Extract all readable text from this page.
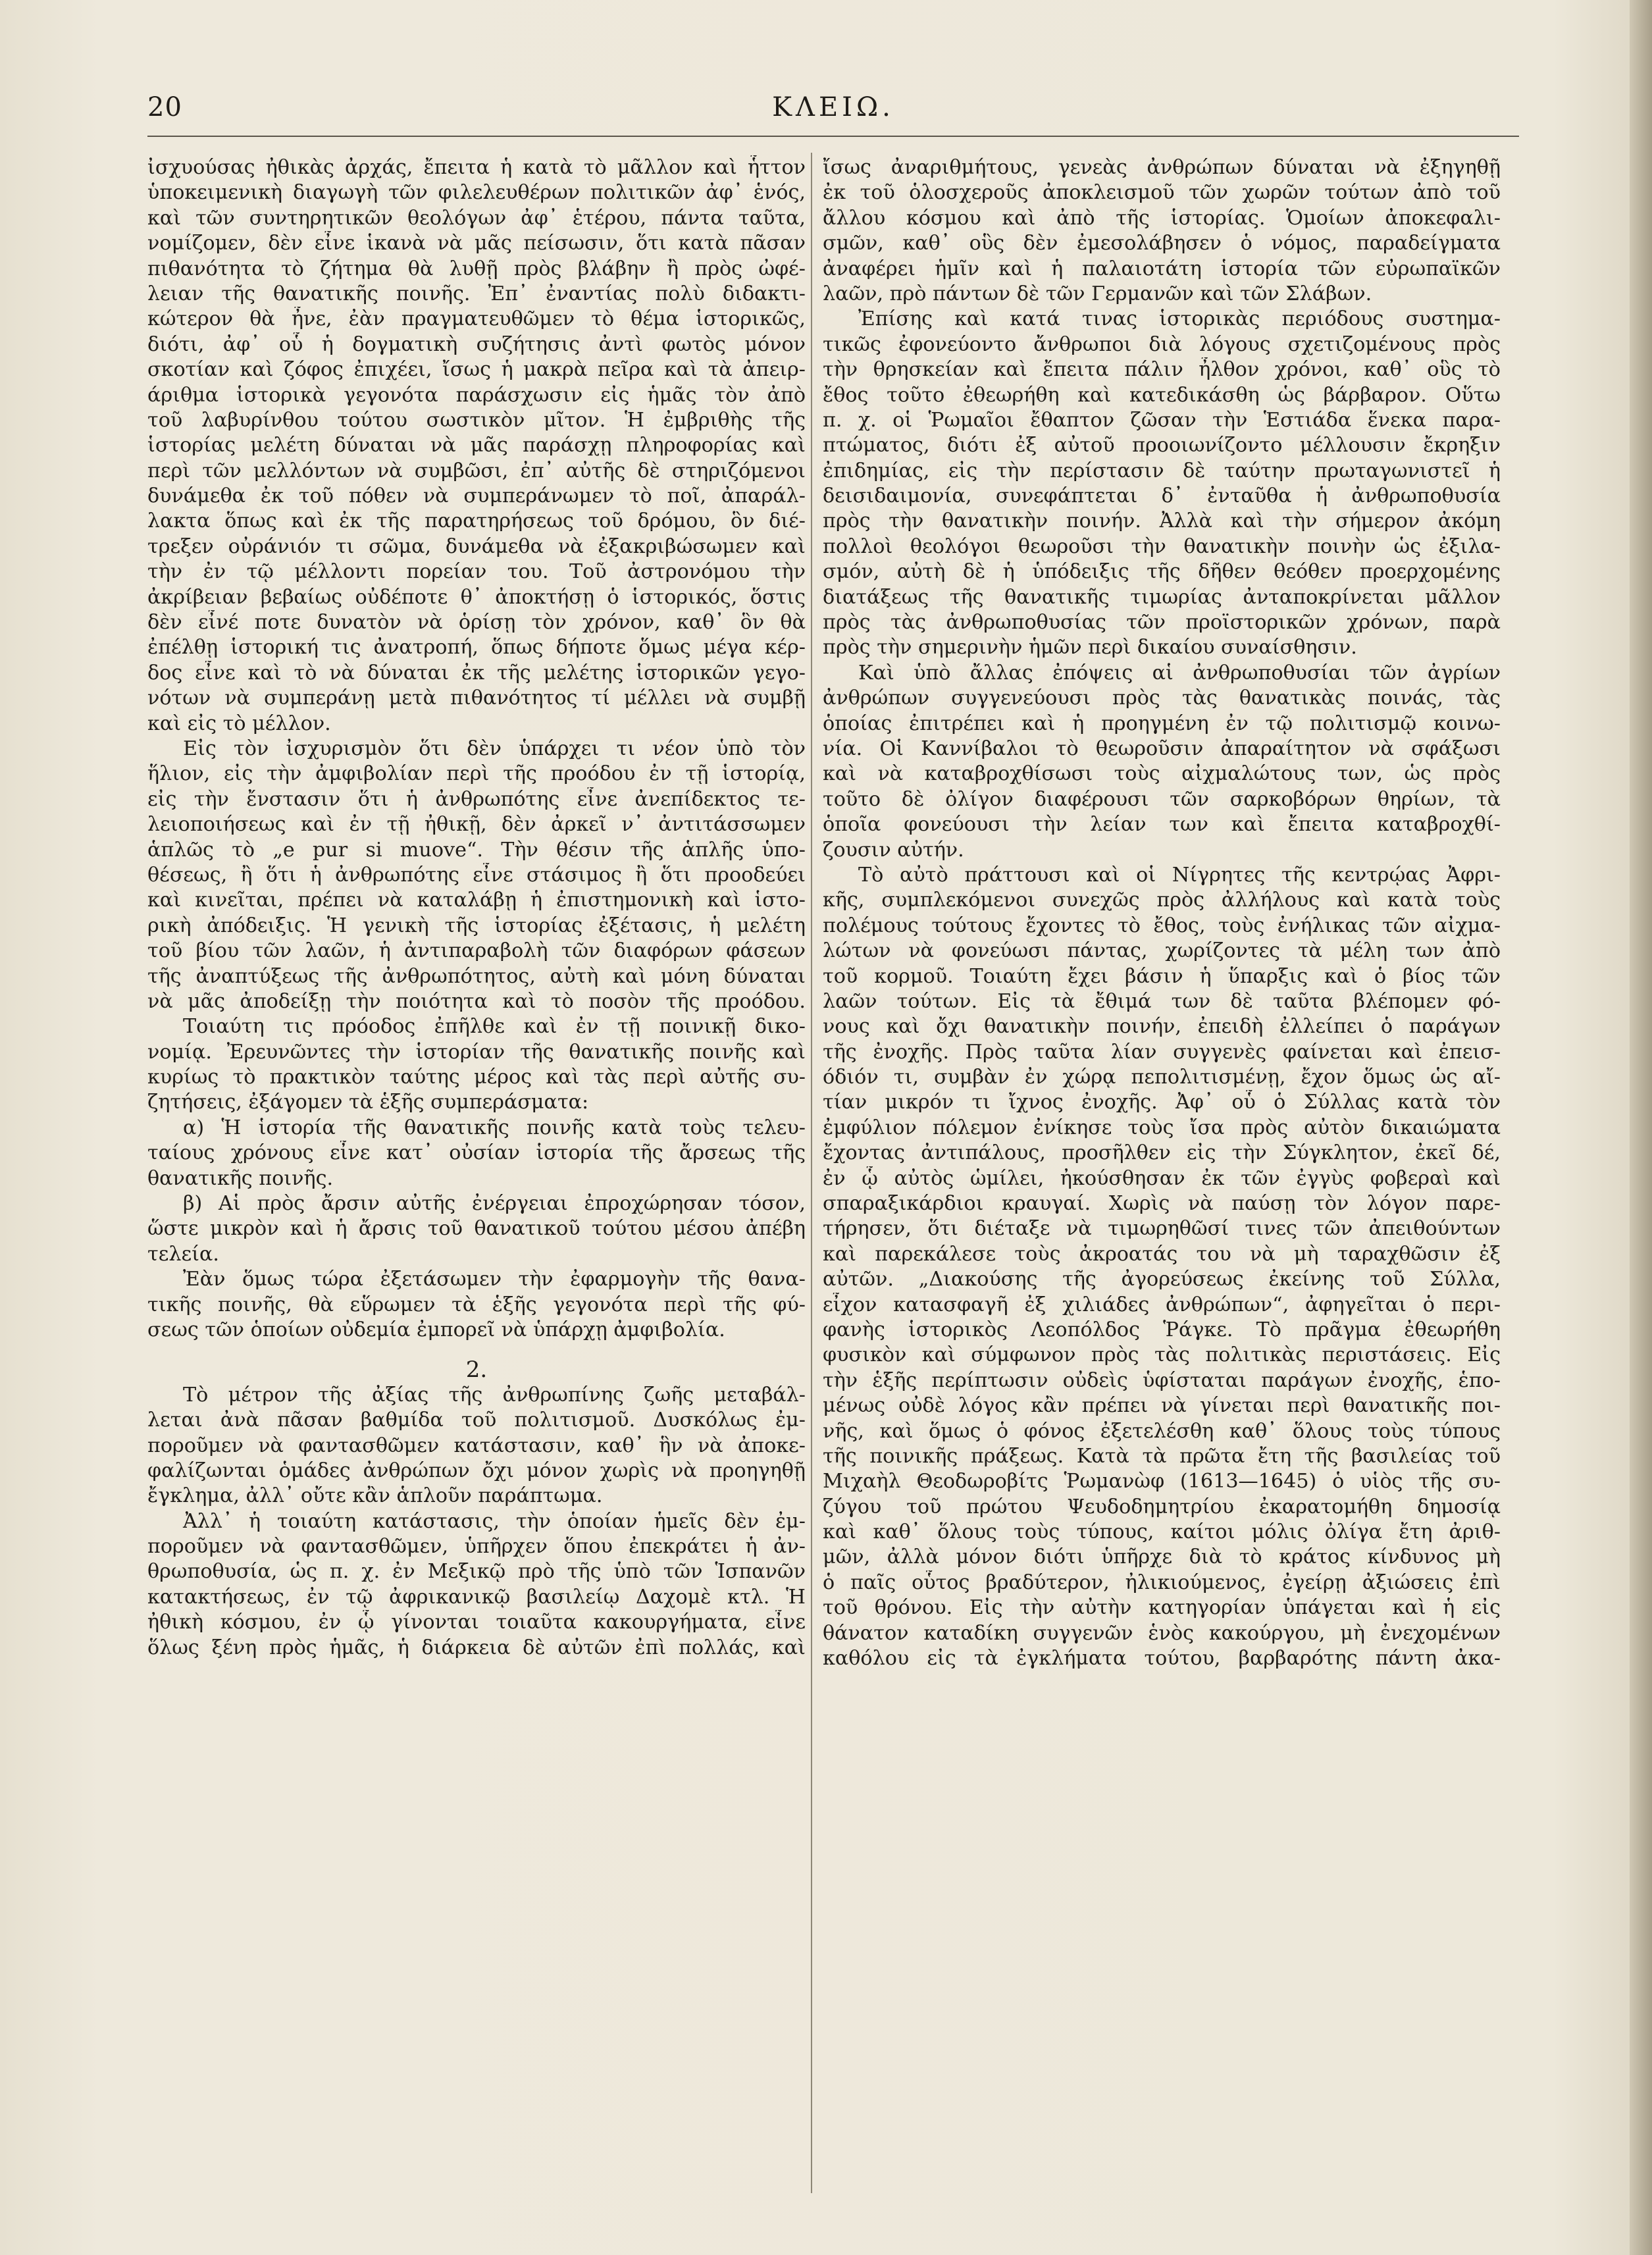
20	ΚΛΕΙΩ.
ἰσχυούσας ἠθικὰς ἀρχάς, ἔπειτα ἡ κατὰ τὸ μᾶλλον καὶ ἧττον
ὑποκειμενικὴ διαγωγὴ τῶν φιλελευθέρων πολιτικῶν ἀφ᾽ ἑνός,
καὶ τῶν συντηρητικῶν θεολόγων ἀφ᾽ ἑτέρου, πάντα ταῦτα,
νομίζομεν, δὲν εἶνε ἱκανὰ νὰ μᾶς πείσωσιν, ὅτι κατὰ πᾶσαν
πιθανότητα τὸ ζήτημα θὰ λυθῇ πρὸς βλάβην ἢ πρὸς ὠφέ-
λειαν τῆς θανατικῆς ποινῆς. Ἐπ᾽ ἐναντίας πολὺ διδακτι-
κώτερον θὰ ἦνε, ἐὰν πραγματευθῶμεν τὸ θέμα ἱστορικῶς,
διότι, ἀφ᾽ οὗ ἡ δογματικὴ συζήτησις ἀντὶ φωτὸς μόνον
σκοτίαν καὶ ζόφος ἐπιχέει, ἴσως ἡ μακρὰ πεῖρα καὶ τὰ ἀπειρ-
άριθμα ἱστορικὰ γεγονότα παράσχωσιν εἰς ἡμᾶς τὸν ἀπὸ
τοῦ λαβυρίνθου τούτου σωστικὸν μῖτον. Ἡ ἐμβριθὴς τῆς
ἱστορίας μελέτη δύναται νὰ μᾶς παράσχῃ πληροφορίας καὶ
περὶ τῶν μελλόντων νὰ συμβῶσι, ἐπ᾽ αὐτῆς δὲ στηριζόμενοι
δυνάμεθα ἐκ τοῦ πόθεν νὰ συμπεράνωμεν τὸ ποῖ, ἀπαράλ-
λακτα ὅπως καὶ ἐκ τῆς παρατηρήσεως τοῦ δρόμου, ὃν διέ-
τρεξεν οὐράνιόν τι σῶμα, δυνάμεθα νὰ ἐξακριβώσωμεν καὶ
τὴν ἐν τῷ μέλλοντι πορείαν του. Τοῦ ἀστρονόμου τὴν
ἀκρίβειαν βεβαίως οὐδέποτε θ᾽ ἀποκτήσῃ ὁ ἱστορικός, ὅστις
δὲν εἶνέ ποτε δυνατὸν νὰ ὁρίσῃ τὸν χρόνον, καθ᾽ ὃν θὰ
ἐπέλθῃ ἱστορική τις ἀνατροπή, ὅπως δήποτε ὅμως μέγα κέρ-
δος εἶνε καὶ τὸ νὰ δύναται ἐκ τῆς μελέτης ἱστορικῶν γεγο-
νότων νὰ συμπεράνῃ μετὰ πιθανότητος τί μέλλει νὰ συμβῇ
καὶ εἰς τὸ μέλλον.
Εἰς τὸν ἰσχυρισμὸν ὅτι δὲν ὑπάρχει τι νέον ὑπὸ τὸν
ἥλιον, εἰς τὴν ἀμφιβολίαν περὶ τῆς προόδου ἐν τῇ ἱστορίᾳ,
εἰς τὴν ἔνστασιν ὅτι ἡ ἀνθρωπότης εἶνε ἀνεπίδεκτος τε-
λειοποιήσεως καὶ ἐν τῇ ἠθικῇ, δὲν ἀρκεῖ ν᾽ ἀντιτάσσωμεν
ἁπλῶς τὸ „e pur si muove“. Τὴν θέσιν τῆς ἁπλῆς ὑπο-
θέσεως, ἢ ὅτι ἡ ἀνθρωπότης εἶνε στάσιμος ἢ ὅτι προοδεύει
καὶ κινεῖται, πρέπει νὰ καταλάβῃ ἡ ἐπιστημονικὴ καὶ ἱστο-
ρικὴ ἀπόδειξις. Ἡ γενικὴ τῆς ἱστορίας ἐξέτασις, ἡ μελέτη
τοῦ βίου τῶν λαῶν, ἡ ἀντιπαραβολὴ τῶν διαφόρων φάσεων
τῆς ἀναπτύξεως τῆς ἀνθρωπότητος, αὐτὴ καὶ μόνη δύναται
νὰ μᾶς ἀποδείξῃ τὴν ποιότητα καὶ τὸ ποσὸν τῆς προόδου.
Τοιαύτη τις πρόοδος ἐπῆλθε καὶ ἐν τῇ ποινικῇ δικο-
νομίᾳ. Ἐρευνῶντες τὴν ἱστορίαν τῆς θανατικῆς ποινῆς καὶ
κυρίως τὸ πρακτικὸν ταύτης μέρος καὶ τὰς περὶ αὐτῆς συ-
ζητήσεις, ἐξάγομεν τὰ ἑξῆς συμπεράσματα:
α) Ἡ ἱστορία τῆς θανατικῆς ποινῆς κατὰ τοὺς τελευ-
ταίους χρόνους εἶνε κατ᾽ οὐσίαν ἱστορία τῆς ἄρσεως τῆς
θανατικῆς ποινῆς.
β) Αἱ πρὸς ἄρσιν αὐτῆς ἐνέργειαι ἐπροχώρησαν τόσον,
ὥστε μικρὸν καὶ ἡ ἄρσις τοῦ θανατικοῦ τούτου μέσου ἀπέβη
τελεία.
Ἐὰν ὅμως τώρα ἐξετάσωμεν τὴν ἐφαρμογὴν τῆς θανα-
τικῆς ποινῆς, θὰ εὕρωμεν τὰ ἑξῆς γεγονότα περὶ τῆς φύ-
σεως τῶν ὁποίων οὐδεμία ἐμπορεῖ νὰ ὑπάρχῃ ἀμφιβολία.
2.
Τὸ μέτρον τῆς ἀξίας τῆς ἀνθρωπίνης ζωῆς μεταβάλ-
λεται ἀνὰ πᾶσαν βαθμίδα τοῦ πολιτισμοῦ. Δυσκόλως ἐμ-
ποροῦμεν νὰ φαντασθῶμεν κατάστασιν, καθ᾽ ἣν νὰ ἀποκε-
φαλίζωνται ὁμάδες ἀνθρώπων ὄχι μόνον χωρὶς νὰ προηγηθῇ
ἔγκλημα, ἀλλ᾽ οὔτε κἂν ἁπλοῦν παράπτωμα.
Ἀλλ᾽ ἡ τοιαύτη κατάστασις, τὴν ὁποίαν ἡμεῖς δὲν ἐμ-
ποροῦμεν νὰ φαντασθῶμεν, ὑπῆρχεν ὅπου ἐπεκράτει ἡ ἀν-
θρωποθυσία, ὡς π. χ. ἐν Μεξικῷ πρὸ τῆς ὑπὸ τῶν Ἱσπανῶν
κατακτήσεως, ἐν τῷ ἀφρικανικῷ βασιλείῳ Δαχομὲ κτλ. Ἡ
ἠθικὴ κόσμου, ἐν ᾧ γίνονται τοιαῦτα κακουργήματα, εἶνε
ὅλως ξένη πρὸς ἡμᾶς, ἡ διάρκεια δὲ αὐτῶν ἐπὶ πολλάς, καὶ
ἴσως ἀναριθμήτους, γενεὰς ἀνθρώπων δύναται νὰ ἐξηγηθῇ
ἐκ τοῦ ὁλοσχεροῦς ἀποκλεισμοῦ τῶν χωρῶν τούτων ἀπὸ τοῦ
ἄλλου κόσμου καὶ ἀπὸ τῆς ἱστορίας. Ὁμοίων ἀποκεφαλι-
σμῶν, καθ᾽ οὓς δὲν ἐμεσολάβησεν ὁ νόμος, παραδείγματα
ἀναφέρει ἡμῖν καὶ ἡ παλαιοτάτη ἱστορία τῶν εὐρωπαϊκῶν
λαῶν, πρὸ πάντων δὲ τῶν Γερμανῶν καὶ τῶν Σλάβων.
Ἐπίσης καὶ κατά τινας ἱστορικὰς περιόδους συστημα-
τικῶς ἐφονεύοντο ἄνθρωποι διὰ λόγους σχετιζομένους πρὸς
τὴν θρησκείαν καὶ ἔπειτα πάλιν ἦλθον χρόνοι, καθ᾽ οὓς τὸ
ἔθος τοῦτο ἐθεωρήθη καὶ κατεδικάσθη ὡς βάρβαρον. Οὕτω
π. χ. οἱ Ῥωμαῖοι ἔθαπτον ζῶσαν τὴν Ἑστιάδα ἕνεκα παρα-
πτώματος, διότι ἐξ αὐτοῦ προοιωνίζοντο μέλλουσιν ἔκρηξιν
ἐπιδημίας, εἰς τὴν περίστασιν δὲ ταύτην πρωταγωνιστεῖ ἡ
δεισιδαιμονία, συνεφάπτεται δ᾽ ἐνταῦθα ἡ ἀνθρωποθυσία
πρὸς τὴν θανατικὴν ποινήν. Ἀλλὰ καὶ τὴν σήμερον ἀκόμη
πολλοὶ θεολόγοι θεωροῦσι τὴν θανατικὴν ποινὴν ὡς ἐξιλα-
σμόν, αὐτὴ δὲ ἡ ὑπόδειξις τῆς δῆθεν θεόθεν προερχομένης
διατάξεως τῆς θανατικῆς τιμωρίας ἀνταποκρίνεται μᾶλλον
πρὸς τὰς ἀνθρωποθυσίας τῶν προϊστορικῶν χρόνων, παρὰ
πρὸς τὴν σημερινὴν ἡμῶν περὶ δικαίου συναίσθησιν.
Καὶ ὑπὸ ἄλλας ἐπόψεις αἱ ἀνθρωποθυσίαι τῶν ἀγρίων
ἀνθρώπων συγγενεύουσι πρὸς τὰς θανατικὰς ποινάς, τὰς
ὁποίας ἐπιτρέπει καὶ ἡ προηγμένη ἐν τῷ πολιτισμῷ κοινω-
νία. Οἱ Καννίβαλοι τὸ θεωροῦσιν ἀπαραίτητον νὰ σφάξωσι
καὶ νὰ καταβροχθίσωσι τοὺς αἰχμαλώτους των, ὡς πρὸς
τοῦτο δὲ ὀλίγον διαφέρουσι τῶν σαρκοβόρων θηρίων, τὰ
ὁποῖα φονεύουσι τὴν λείαν των καὶ ἔπειτα καταβροχθί-
ζουσιν αὐτήν.
Τὸ αὐτὸ πράττουσι καὶ οἱ Νίγρητες τῆς κεντρῴας Ἀφρι-
κῆς, συμπλεκόμενοι συνεχῶς πρὸς ἀλλήλους καὶ κατὰ τοὺς
πολέμους τούτους ἔχοντες τὸ ἔθος, τοὺς ἐνήλικας τῶν αἰχμα-
λώτων νὰ φονεύωσι πάντας, χωρίζοντες τὰ μέλη των ἀπὸ
τοῦ κορμοῦ. Τοιαύτη ἔχει βάσιν ἡ ὕπαρξις καὶ ὁ βίος τῶν
λαῶν τούτων. Εἰς τὰ ἔθιμά των δὲ ταῦτα βλέπομεν φό-
νους καὶ ὄχι θανατικὴν ποινήν, ἐπειδὴ ἐλλείπει ὁ παράγων
τῆς ἐνοχῆς. Πρὸς ταῦτα λίαν συγγενὲς φαίνεται καὶ ἐπεισ-
όδιόν τι, συμβὰν ἐν χώρᾳ πεπολιτισμένῃ, ἔχον ὅμως ὡς αἴ-
τίαν μικρόν τι ἴχνος ἐνοχῆς. Ἀφ᾽ οὗ ὁ Σύλλας κατὰ τὸν
ἐμφύλιον πόλεμον ἐνίκησε τοὺς ἴσα πρὸς αὐτὸν δικαιώματα
ἔχοντας ἀντιπάλους, προσῆλθεν εἰς τὴν Σύγκλητον, ἐκεῖ δέ,
ἐν ᾧ αὐτὸς ὡμίλει, ἠκούσθησαν ἐκ τῶν ἐγγὺς φοβεραὶ καὶ
σπαραξικάρδιοι κραυγαί. Χωρὶς νὰ παύσῃ τὸν λόγον παρε-
τήρησεν, ὅτι διέταξε νὰ τιμωρηθῶσί τινες τῶν ἀπειθούντων
καὶ παρεκάλεσε τοὺς ἀκροατάς του νὰ μὴ ταραχθῶσιν ἐξ
αὐτῶν. „Διακούσης τῆς ἀγορεύσεως ἐκείνης τοῦ Σύλλα,
εἶχον κατασφαγῆ ἐξ χιλιάδες ἀνθρώπων“, ἀφηγεῖται ὁ περι-
φανὴς ἱστορικὸς Λεοπόλδος Ῥάγκε. Τὸ πρᾶγμα ἐθεωρήθη
φυσικὸν καὶ σύμφωνον πρὸς τὰς πολιτικὰς περιστάσεις. Εἰς
τὴν ἑξῆς περίπτωσιν οὐδεὶς ὑφίσταται παράγων ἐνοχῆς, ἑπο-
μένως οὐδὲ λόγος κἂν πρέπει νὰ γίνεται περὶ θανατικῆς ποι-
νῆς, καὶ ὅμως ὁ φόνος ἐξετελέσθη καθ᾽ ὅλους τοὺς τύπους
τῆς ποινικῆς πράξεως. Κατὰ τὰ πρῶτα ἔτη τῆς βασιλείας τοῦ
Μιχαὴλ Θεοδωροβίτς Ῥωμανὼφ (1613—1645) ὁ υἱὸς τῆς συ-
ζύγου τοῦ πρώτου Ψευδοδημητρίου ἐκαρατομήθη δημοσίᾳ
καὶ καθ᾽ ὅλους τοὺς τύπους, καίτοι μόλις ὀλίγα ἔτη ἀριθ-
μῶν, ἀλλὰ μόνον διότι ὑπῆρχε διὰ τὸ κράτος κίνδυνος μὴ
ὁ παῖς οὗτος βραδύτερον, ἠλικιούμενος, ἐγείρῃ ἀξιώσεις ἐπὶ
τοῦ θρόνου. Εἰς τὴν αὐτὴν κατηγορίαν ὑπάγεται καὶ ἡ εἰς
θάνατον καταδίκη συγγενῶν ἑνὸς κακούργου, μὴ ἐνεχομένων
καθόλου εἰς τὰ ἐγκλήματα τούτου, βαρβαρότης πάντη ἀκα-
